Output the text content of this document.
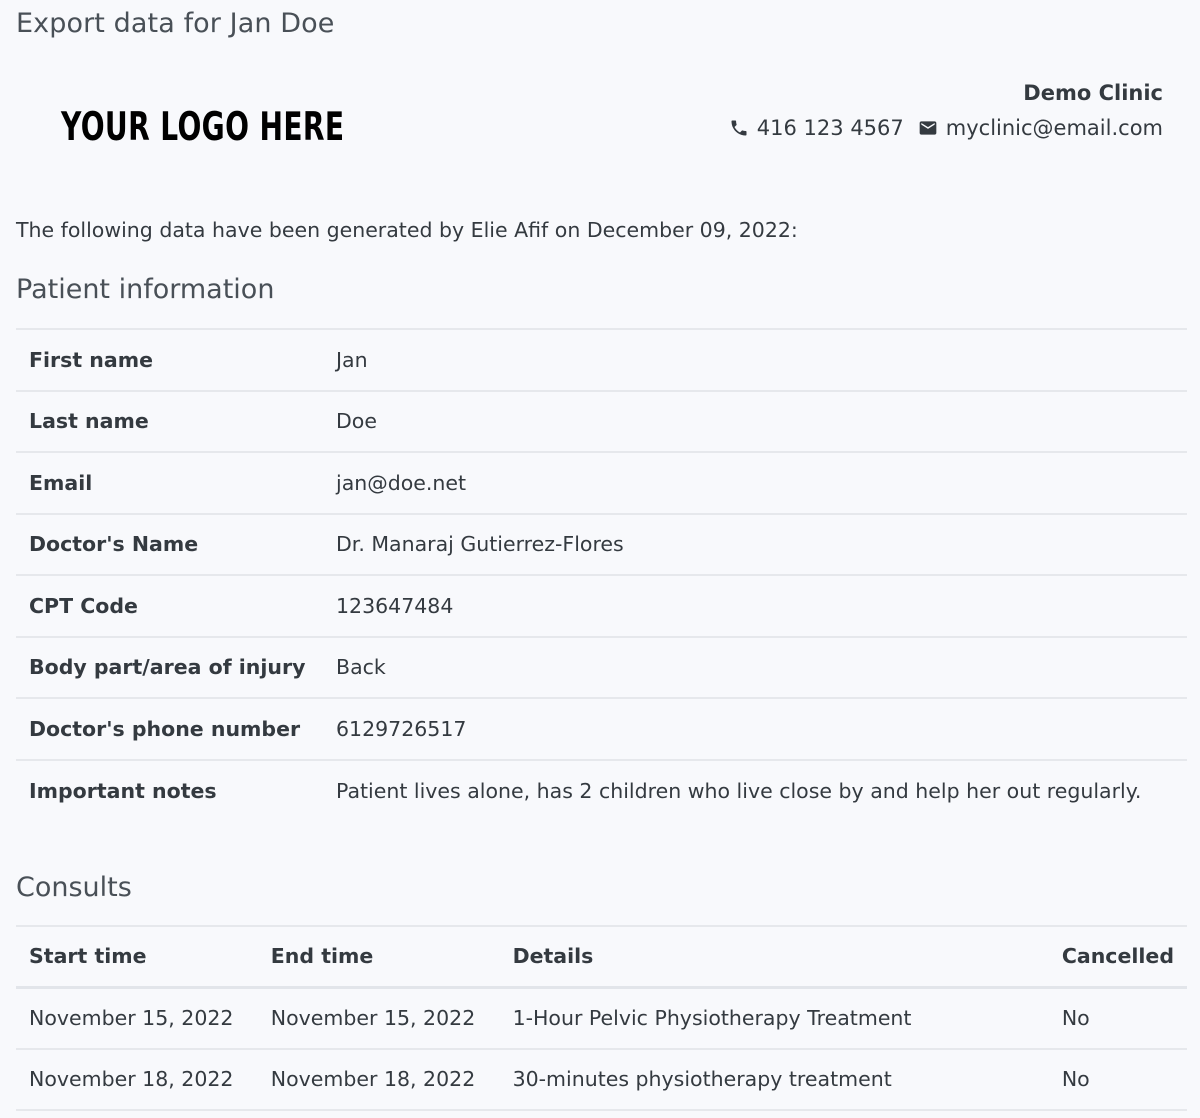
Export data for Jan Doe
YOUR LOGO HERE
Demo Clinic
416 123 4567 myclinic@email.com

The following data have been generated by Elie Afif on December 09, 2022:

Patient information
First name	Jan
Last name	Doe
Email	jan@doe.net
Doctor's Name	Dr. Manaraj Gutierrez-Flores
CPT Code	123647484
Body part/area of injury	Back
Doctor's phone number	6129726517
Important notes	Patient lives alone, has 2 children who live close by and help her out regularly.
Consults
Start time	End time	Details	Cancelled
November 15, 2022	November 15, 2022	1-Hour Pelvic Physiotherapy Treatment	No
November 18, 2022	November 18, 2022	30-minutes physiotherapy treatment	No
